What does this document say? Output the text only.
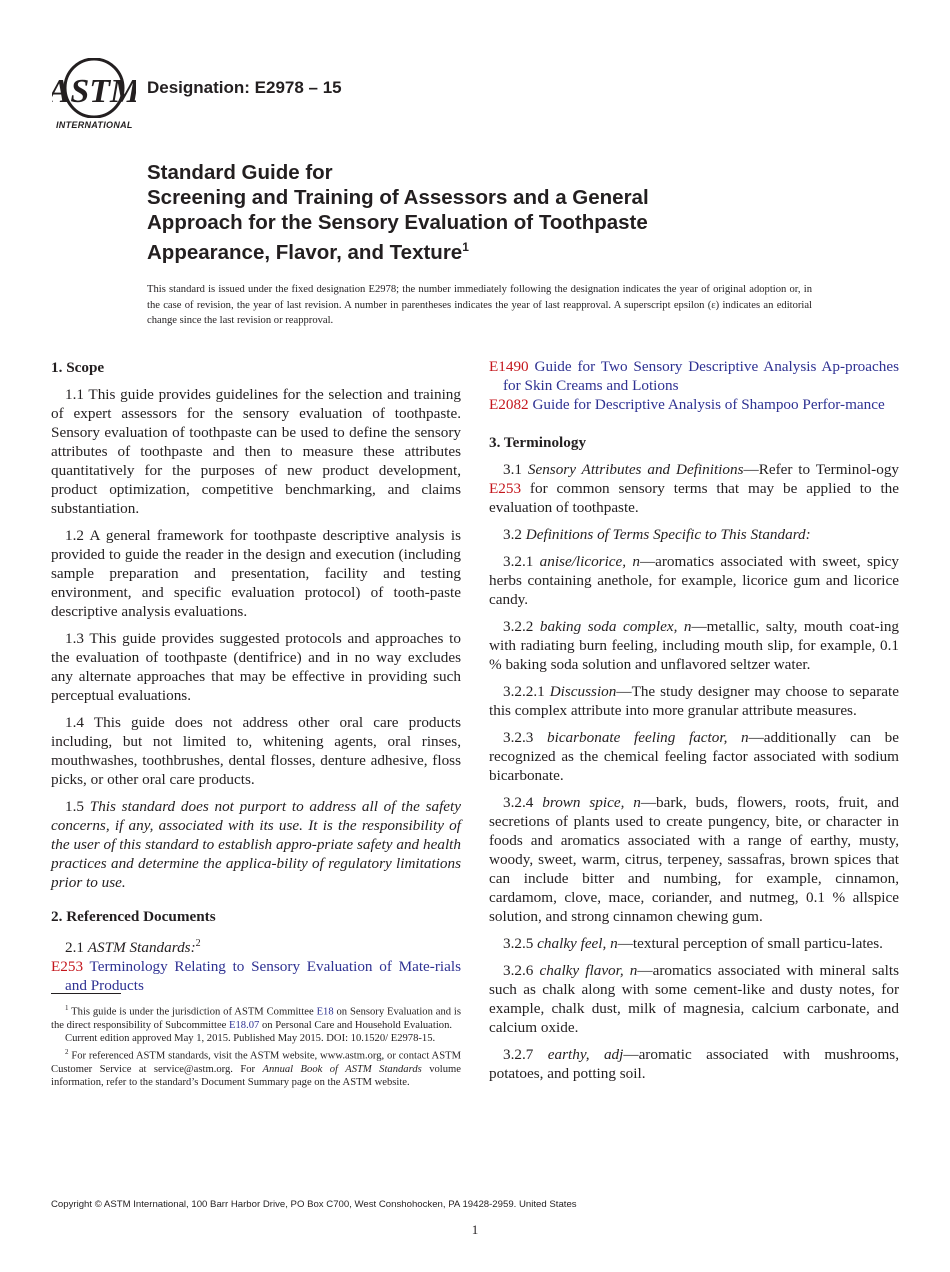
ASTM
INTERNATIONAL
Designation: E2978 – 15
Standard Guide for
Screening and Training of Assessors and a General
Approach for the Sensory Evaluation of Toothpaste
Appearance, Flavor, and Texture$^1$
This standard is issued under the fixed designation E2978; the number immediately following the designation indicates the year of original adoption or, in the case of revision, the year of last revision. A number in parentheses indicates the year of last reapproval. A superscript epsilon (ε) indicates an editorial change since the last revision or reapproval.
1. Scope

1.1 This guide provides guidelines for the selection and training of expert assessors for the sensory evaluation of toothpaste. Sensory evaluation of toothpaste can be used to define the sensory attributes of toothpaste and then to measure these attributes quantitatively for the purposes of new product development, product optimization, competitive benchmarking, and claims substantiation.

1.2 A general framework for toothpaste descriptive analysis is provided to guide the reader in the design and execution (including sample preparation and presentation, facility and testing environment, and specific evaluation protocol) of tooth-paste descriptive analysis evaluations.

1.3 This guide provides suggested protocols and approaches to the evaluation of toothpaste (dentifrice) and in no way excludes any alternate approaches that may be effective in providing such perceptual evaluations.

1.4 This guide does not address other oral care products including, but not limited to, whitening agents, oral rinses, mouthwashes, toothbrushes, dental flosses, denture adhesive, floss picks, or other oral care products.

1.5 This standard does not purport to address all of the safety concerns, if any, associated with its use. It is the responsibility of the user of this standard to establish appro-priate safety and health practices and determine the applica-bility of regulatory limitations prior to use.

2. Referenced Documents

2.1 ASTM Standards:$^2$

E253 Terminology Relating to Sensory Evaluation of Mate-rials and Products
E1490 Guide for Two Sensory Descriptive Analysis Ap-proaches for Skin Creams and Lotions
E2082 Guide for Descriptive Analysis of Shampoo Perfor-mance
3. Terminology

3.1 Sensory Attributes and Definitions—Refer to Terminol-ogy E253 for common sensory terms that may be applied to the evaluation of toothpaste.

3.2 Definitions of Terms Specific to This Standard:

3.2.1 anise/licorice, n—aromatics associated with sweet, spicy herbs containing anethole, for example, licorice gum and licorice candy.

3.2.2 baking soda complex, n—metallic, salty, mouth coat-ing with radiating burn feeling, including mouth slip, for example, 0.1 % baking soda solution and unflavored seltzer water.

3.2.2.1 Discussion—The study designer may choose to separate this complex attribute into more granular attribute measures.

3.2.3 bicarbonate feeling factor, n—additionally can be recognized as the chemical feeling factor associated with sodium bicarbonate.

3.2.4 brown spice, n—bark, buds, flowers, roots, fruit, and secretions of plants used to create pungency, bite, or character in foods and aromatics associated with a range of earthy, musty, woody, sweet, warm, citrus, terpeney, sassafras, brown spices that can include bitter and numbing, for example, cinnamon, cardamom, clove, mace, coriander, and nutmeg, 0.1 % allspice solution, and strong cinnamon chewing gum.

3.2.5 chalky feel, n—textural perception of small particu-lates.

3.2.6 chalky flavor, n—aromatics associated with mineral salts such as chalk along with some cement-like and dusty notes, for example, chalk dust, milk of magnesia, calcium carbonate, and calcium oxide.

3.2.7 earthy, adj—aromatic associated with mushrooms, potatoes, and potting soil.

$^1$ This guide is under the jurisdiction of ASTM Committee E18 on Sensory Evaluation and is the direct responsibility of Subcommittee E18.07 on Personal Care and Household Evaluation.

Current edition approved May 1, 2015. Published May 2015. DOI: 10.1520/ E2978-15.

$^2$ For referenced ASTM standards, visit the ASTM website, www.astm.org, or contact ASTM Customer Service at service@astm.org. For Annual Book of ASTM Standards volume information, refer to the standard’s Document Summary page on the ASTM website.

Copyright © ASTM International, 100 Barr Harbor Drive, PO Box C700, West Conshohocken, PA 19428-2959. United States
1
